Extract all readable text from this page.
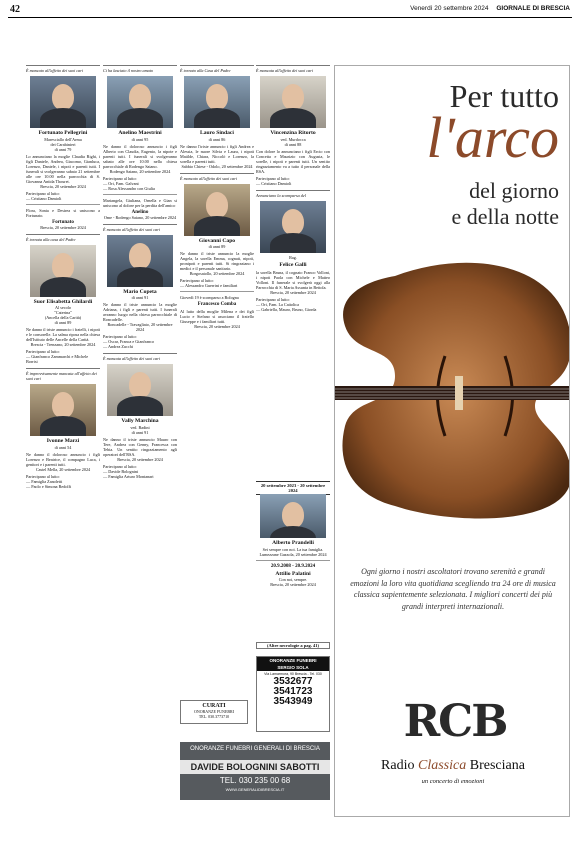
42	Venerdì 20 settembre 2024 GIORNALE DI BRESCIA
È mancato all'affetto dei suoi cari
Fortunato Pellegrini
Maresciallo dell'Arma
dei Carabinieri
di anni 79
Lo annunciano la moglie Claudia Righi, i figli Daniele, Andrea, Giacomo, Gianluca, Lorenzo, Daniele, i nipoti e parenti tutti. I funerali si svolgeranno sabato 21 settembre alle ore 10.00 nella parrocchia di S. Giovanna Antida Thouret.
Brescia, 20 settembre 2024
Partecipano al lutto:
— Cristiano Damioli
Flora, Sonia e Desirea si uniscono a Fortunato.
Fortunato
Brescia, 20 settembre 2024
È tornata alla casa del Padre
Suor Elisabetta Ghilardi
Al secolo
"Caterina"
(Ancella della Carità)
di anni 89
Ne danno il triste annuncio i fratelli, i nipoti e le consorelle. La salma riposa nella chiesa dell'Istituto delle Ancelle della Carità.
Brescia - Trenzano, 20 settembre 2024
Partecipano al lutto:
— Gianfranco Zammarchi e Michele Borrisi
È improvvisamente mancata all'affetto dei suoi cari
Ivonne Marzi
di anni 54
Ne danno il doloroso annuncio i figli Lorenzo e Beatrice, il compagno Luca, i genitori e i parenti tutti.
Castel Mella, 20 settembre 2024
Partecipano al lutto:
— Famiglia Zanoletti
— Paolo e Simona Redolfi
Ci ha lasciato il nostro amato
Anelino Maestrini
di anni 95
Ne danno il doloroso annuncio i figli Alberto con Claudia, Eugenio, la nipote e parenti tutti. I funerali si svolgeranno sabato alle ore 10.00 nella chiesa parrocchiale di Rodengo Saiano.
Rodengo Saiano, 20 settembre 2024
Partecipano al lutto:
— Ori, Fam. Galvani
— Rosa Alessandro con Giulia
Mariangela, Giuliana, Ornella e Gian si uniscono al dolore per la perdita dell'amico
Anelino
Ome - Rodengo Saiano, 20 settembre 2024
È mancato all'affetto dei suoi cari
Mario Copeta
di anni 91
Ne danno il triste annuncio la moglie Adriana, i figli e parenti tutti. I funerali avranno luogo nella chiesa parrocchiale di Roncadelle.
Roncadelle - Travagliato, 20 settembre 2024
Partecipano al lutto:
— Oscar, Franca e Gianfranco
— Andrea Zucchi
È mancata all'affetto dei suoi cari
Vally Marchina
ved. Badini
di anni 91
Ne danno il triste annuncio Mauro con Tere, Andrea con Genny, Francesca con Tebia. Un sentito ringraziamento agli operatori dell'RSA.
Brescia, 20 settembre 2024
Partecipano al lutto:
— Davide Bolognini
— Famiglia Arturo Montanari
È tornato alla Casa del Padre
Lauro Sindaci
di anni 86
Ne danno l'triste annuncio i figli Andrea e Alessia, le nuore Silvia e Laura, i nipoti Matilde, Chiara, Niccolò e Lorenzo, la sorella e parenti tutti.
Sabbio Chiese - Odolo, 20 settembre 2024
È mancato all'affetto dei suoi cari
Giovanni Capo
di anni 89
Ne danno il triste annuncio la moglie Angela, la sorella Emma, cognati, nipoti, pronipoti e parenti tutti. Si ringraziano i medici e il personale sanitario.
Borgosatollo, 20 settembre 2024
Partecipano al lutto:
— Alessandro Guerrini e familiari
Giovedì 19 è scomparso a Bologna
Francesco Comba
Al lutto della moglie Milena e dei figli Lucio e Stefano si associano il fratello Giuseppe e i familiari tutti.
Brescia, 20 settembre 2024
È mancata all'affetto dei suoi cari
Vincenzina Ritorto
ved. Murdocca
di anni 88
Con dolore lo annunciano i figli Ercio con Concetta e Maurizio con Augusta, le sorelle, i nipoti e parenti tutti. Un sentito ringraziamento va a tutto il personale della RSA.
Partecipano al lutto:
— Cristiano Damioli
Annunciano la scomparsa del
Rag.
Felice Galli
la sorella Bruna, il cognato Franco Volloni, i nipoti Paola con Michele e Matteo Volloni. Il funerale si svolgerà oggi alla Parrocchia di S. Maria Assunta in Bettola.
Brescia, 20 settembre 2024
Partecipano al lutto:
— Ori, Fam. La Cattolica
— Gabriella, Mauro, Bruno, Giorda
20 settembre 2023 - 20 settembre 2024
Alberto Prandelli
Sei sempre con noi. La tua famiglia.
Lumezzane Gazzola, 20 settembre 2024
20.9.2008 - 20.9.2024
Attilio Palatini
Con noi, sempre.
Brescia, 20 settembre 2024
(Altre necrologie a pag. 41)
ONORANZE FUNEBRI
SERGIO SOLA
Via Lamarmora, 90 Brescia - Tel. 030
3532677
3541723
3543949
CURATI
ONORANZE FUNEBRI
TEL. 030.3773710
ONORANZE FUNEBRI GENERALI DI BRESCIA
DAVIDE BOLOGNINI SABOTTI
TEL. 030 235 00 68
WWW.GENERALIDIBRESCIA.IT
Per tutto
l'arco
del giorno
e della notte
Ogni giorno i nostri ascoltatori trovano serenità e grandi emozioni la loro vita quotidiana scegliendo tra 24 ore di musica classica sapientemente selezionata. I migliori concerti dei più grandi interpreti internazionali.
RCB
Radio Classica Bresciana
un concerto di emozioni
